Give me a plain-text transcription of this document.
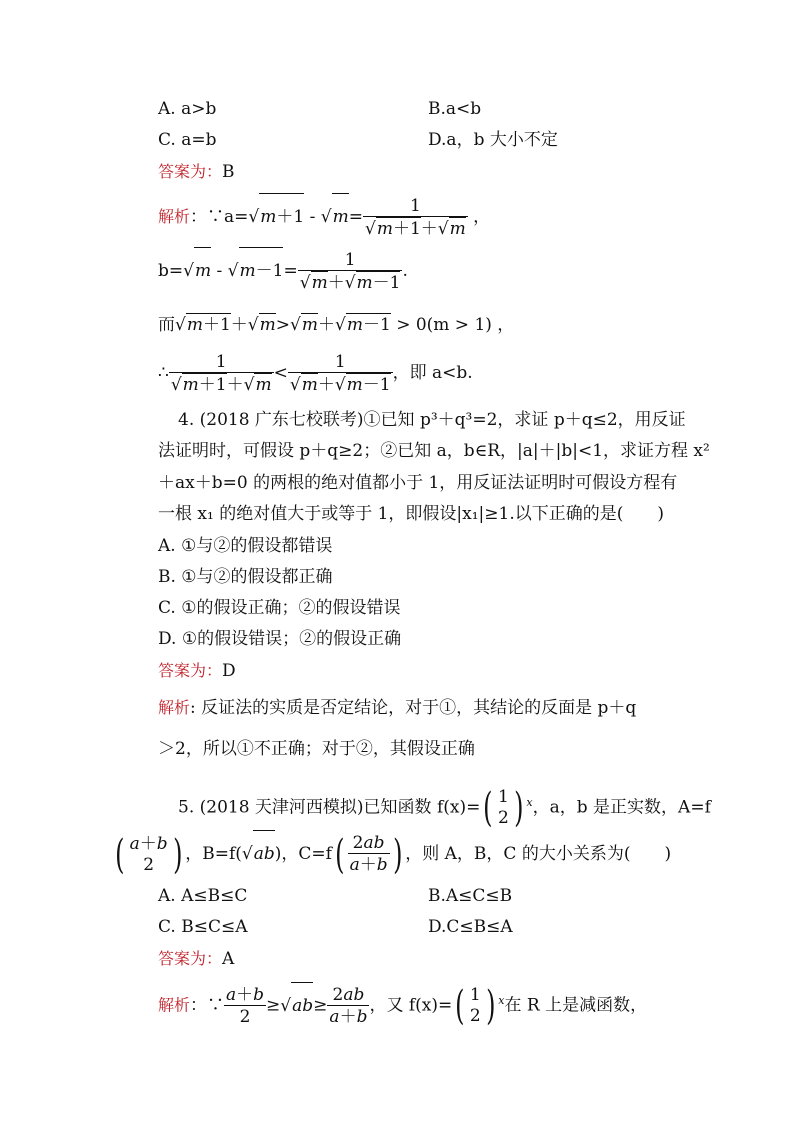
A. a>b	B.a<b
C. a=b	D.a，b 大小不定
答案为：B
解析：∵a= √ m＋1 - √ m= 1
√ m＋1＋ √ m ，
b= √ m - √ m－1= 1
√ m＋ √ m－1 .
而 √ m＋1＋ √ m> √ m＋ √ m－1 > 0(m > 1) ，
∴ 1
√ m＋1＋ √ m < 1
√ m＋ √ m－1 ，即 a<b.
4. (2018 广东七校联考)①已知 p³＋q³=2，求证 p＋q≤2，用反证
法证明时，可假设 p＋q≥2；②已知 a，b∈R，|a|＋|b|<1，求证方程 x²
＋ax＋b=0 的两根的绝对值都小于 1，用反证法证明时可假设方程有
一根 x₁ 的绝对值大于或等于 1，即假设|x₁|≥1.以下正确的是(　　)
A. ①与②的假设都错误
B. ①与②的假设都正确
C. ①的假设正确；②的假设错误
D. ①的假设错误；②的假设正确
答案为：D
解析: 反证法的实质是否定结论，对于①，其结论的反面是 p＋q
＞2，所以①不正确；对于②，其假设正确
5. (2018 天津河西模拟)已知函数 f(x)=( 1
2 ) $^x$，a，b 是正实数，A=f
( a＋b
2 ) ，B=f( √ ab)，$C=f( \frac{2ab}{a+b}$ ) ，则 A，B，C 的大小关系为(　　)
A. A≤B≤C	B.A≤C≤B
C. B≤C≤A	D.C≤B≤A
答案为：A
解析：∵ $\frac{a+b}{2}$ ≥ √ $ab\ge \frac{2ab}{a+b}$ ，又 f(x)=( 1
2 ) $^x$在 R 上是减函数，
